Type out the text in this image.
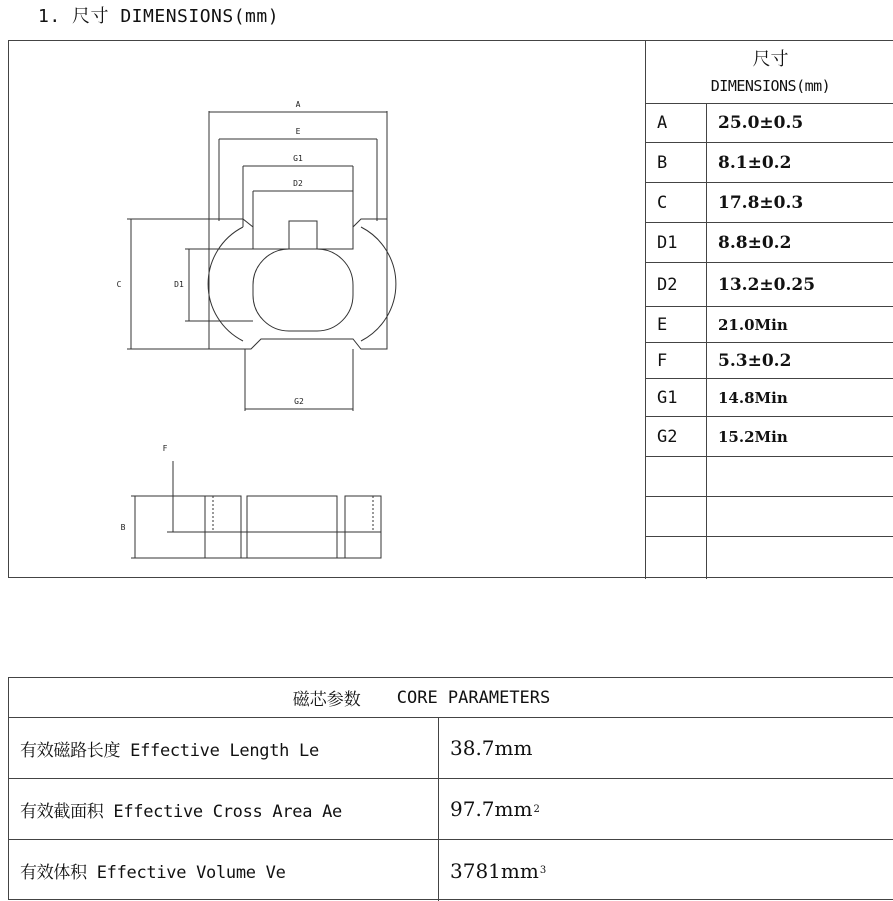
1. 尺寸 DIMENSIONS(mm)
A
E
G1
D2
C	D1
G2
F
B
尺寸
DIMENSIONS(mm)
A	25.0±0.5
B	8.1±0.2
C	17.8±0.3
D1	8.8±0.2
D2	13.2±0.25
E	21.0Min
F	5.3±0.2
G1	14.8Min
G2	15.2Min
磁芯参数 CORE PARAMETERS
有效磁路长度 Effective Length Le	38.7mm
有效截面积 Effective Cross Area Ae	97.7mm 2
有效体积 Effective Volume Ve	3781mm 3
